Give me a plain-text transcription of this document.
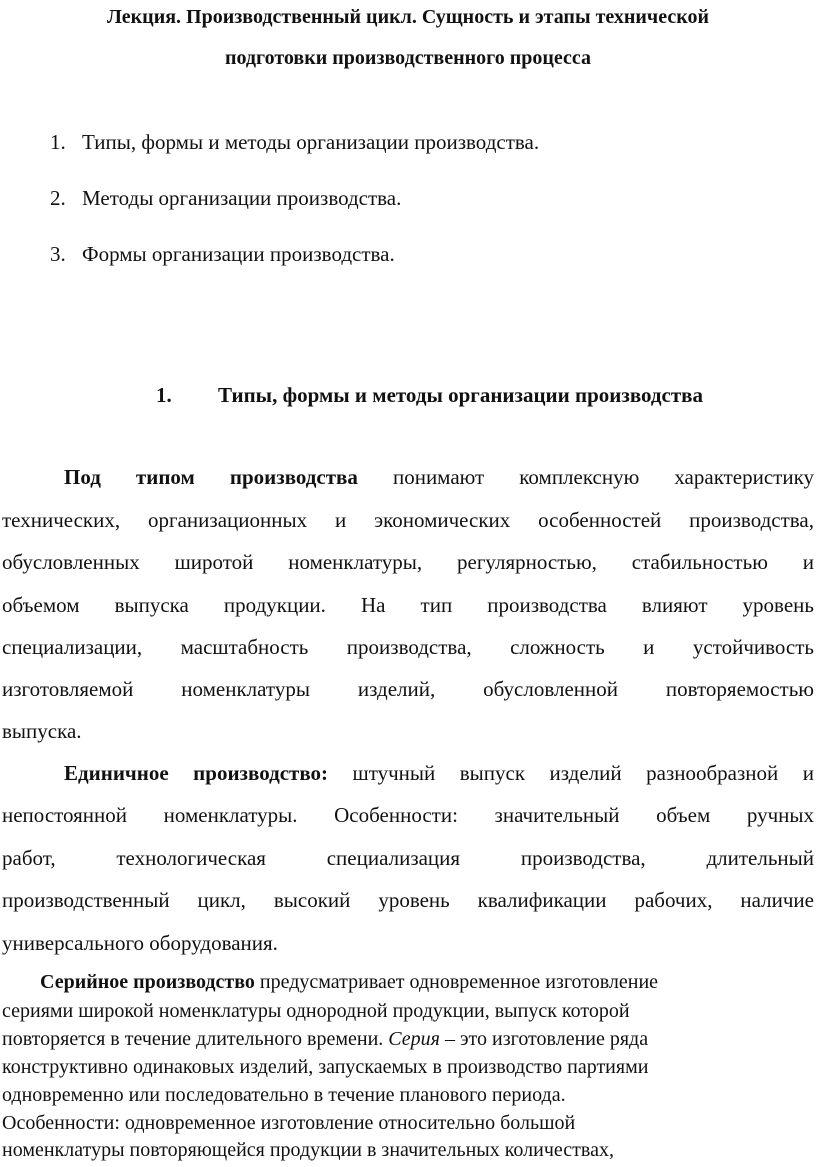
Лекция. Производственный цикл. Сущность и этапы технической
подготовки производственного процесса
1. Типы, формы и методы организации производства.
2. Методы организации производства.
3. Формы организации производства.
1. Типы, формы и методы организации производства
Под типом производства понимают комплексную характеристику
технических, организационных и экономических особенностей производства,
обусловленных широтой номенклатуры, регулярностью, стабильностью и
объемом выпуска продукции. На тип производства влияют уровень
специализации, масштабность производства, сложность и устойчивость
изготовляемой номенклатуры изделий, обусловленной повторяемостью
выпуска.
Единичное производство: штучный выпуск изделий разнообразной и
непостоянной номенклатуры. Особенности: значительный объем ручных
работ, технологическая специализация производства, длительный
производственный цикл, высокий уровень квалификации рабочих, наличие
универсального оборудования.
Серийное производство предусматривает одновременное изготовление
сериями широкой номенклатуры однородной продукции, выпуск которой
повторяется в течение длительного времени. Серия – это изготовление ряда
конструктивно одинаковых изделий, запускаемых в производство партиями
одновременно или последовательно в течение планового периода.
Особенности: одновременное изготовление относительно большой
номенклатуры повторяющейся продукции в значительных количествах,
